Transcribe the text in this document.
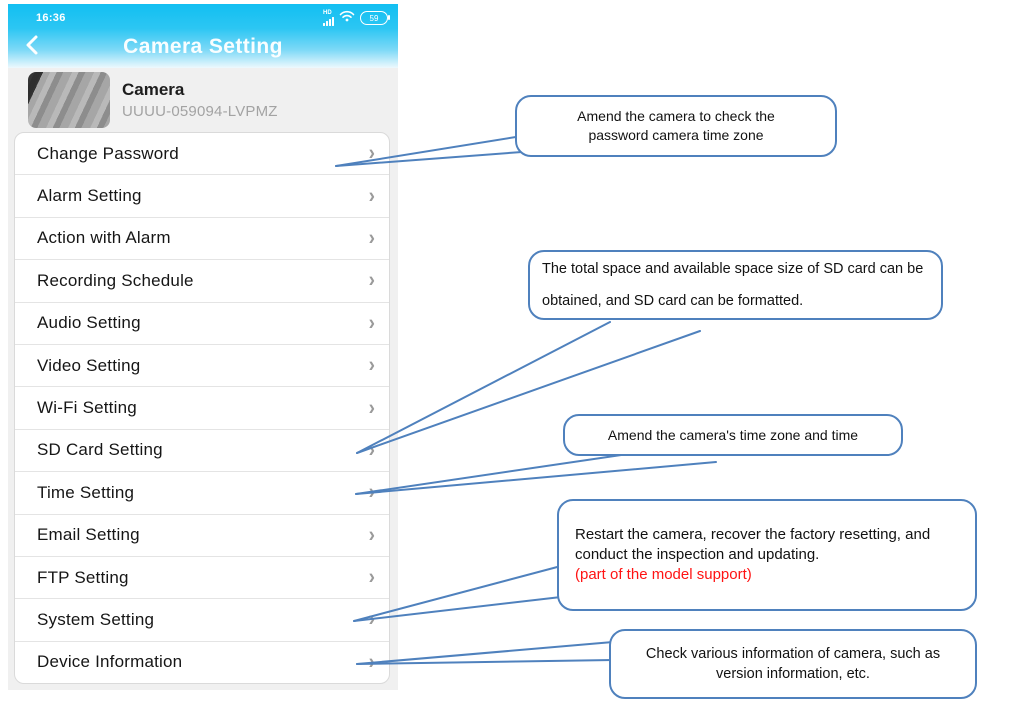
16:36	HD
59
Camera Setting
Camera
UUUU-059094-LVPMZ
Change Password	›
Alarm Setting	›
Action with Alarm	›
Recording Schedule	›
Audio Setting	›
Video Setting	›
Wi-Fi Setting	›
SD Card Setting	›
Time Setting	›
Email Setting	›
FTP Setting	›
System Setting	›
Device Information	›
Amend the camera to check the password camera time zone
The total space and available space size of SD card can be obtained, and SD card can be formatted.
Amend the camera's time zone and time
Restart the camera, recover the factory resetting, and conduct the inspection and updating.
(part of the model support)
Check various information of camera, such as version information, etc.
